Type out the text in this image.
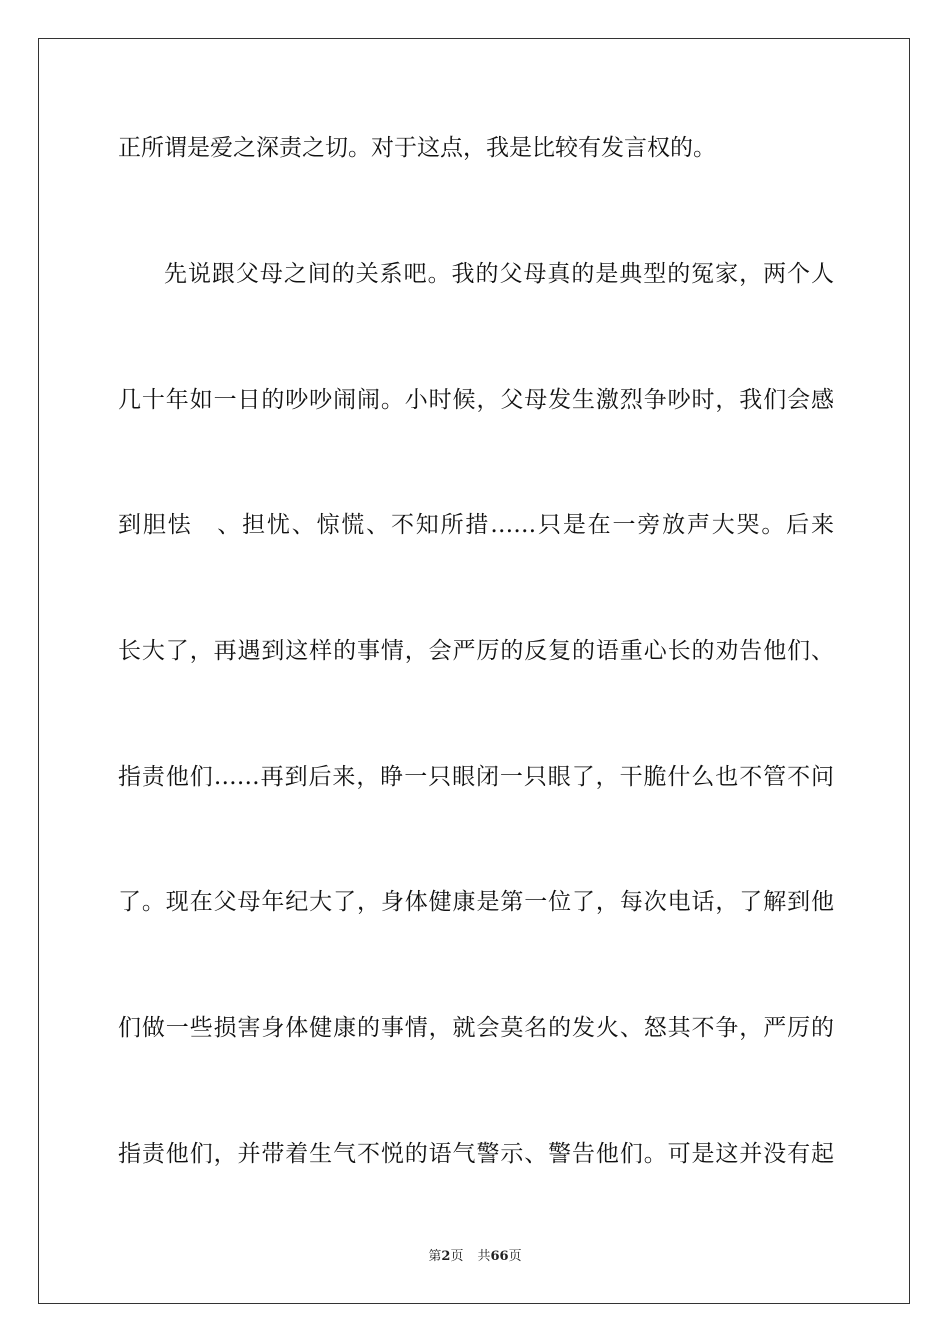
正所谓是爱之深责之切。对于这点，我是比较有发言权的。
先说跟父母之间的关系吧。我的父母真的是典型的冤家，两个人
几十年如一日的吵吵闹闹。小时候，父母发生激烈争吵时，我们会感
到胆怯　、担忧、惊慌、不知所措……只是在一旁放声大哭。后来
长大了，再遇到这样的事情，会严厉的反复的语重心长的劝告他们、
指责他们……再到后来，睁一只眼闭一只眼了，干脆什么也不管不问
了。现在父母年纪大了，身体健康是第一位了，每次电话，了解到他
们做一些损害身体健康的事情，就会莫名的发火、怒其不争，严厉的
指责他们，并带着生气不悦的语气警示、警告他们。可是这并没有起
第2页 共66页
